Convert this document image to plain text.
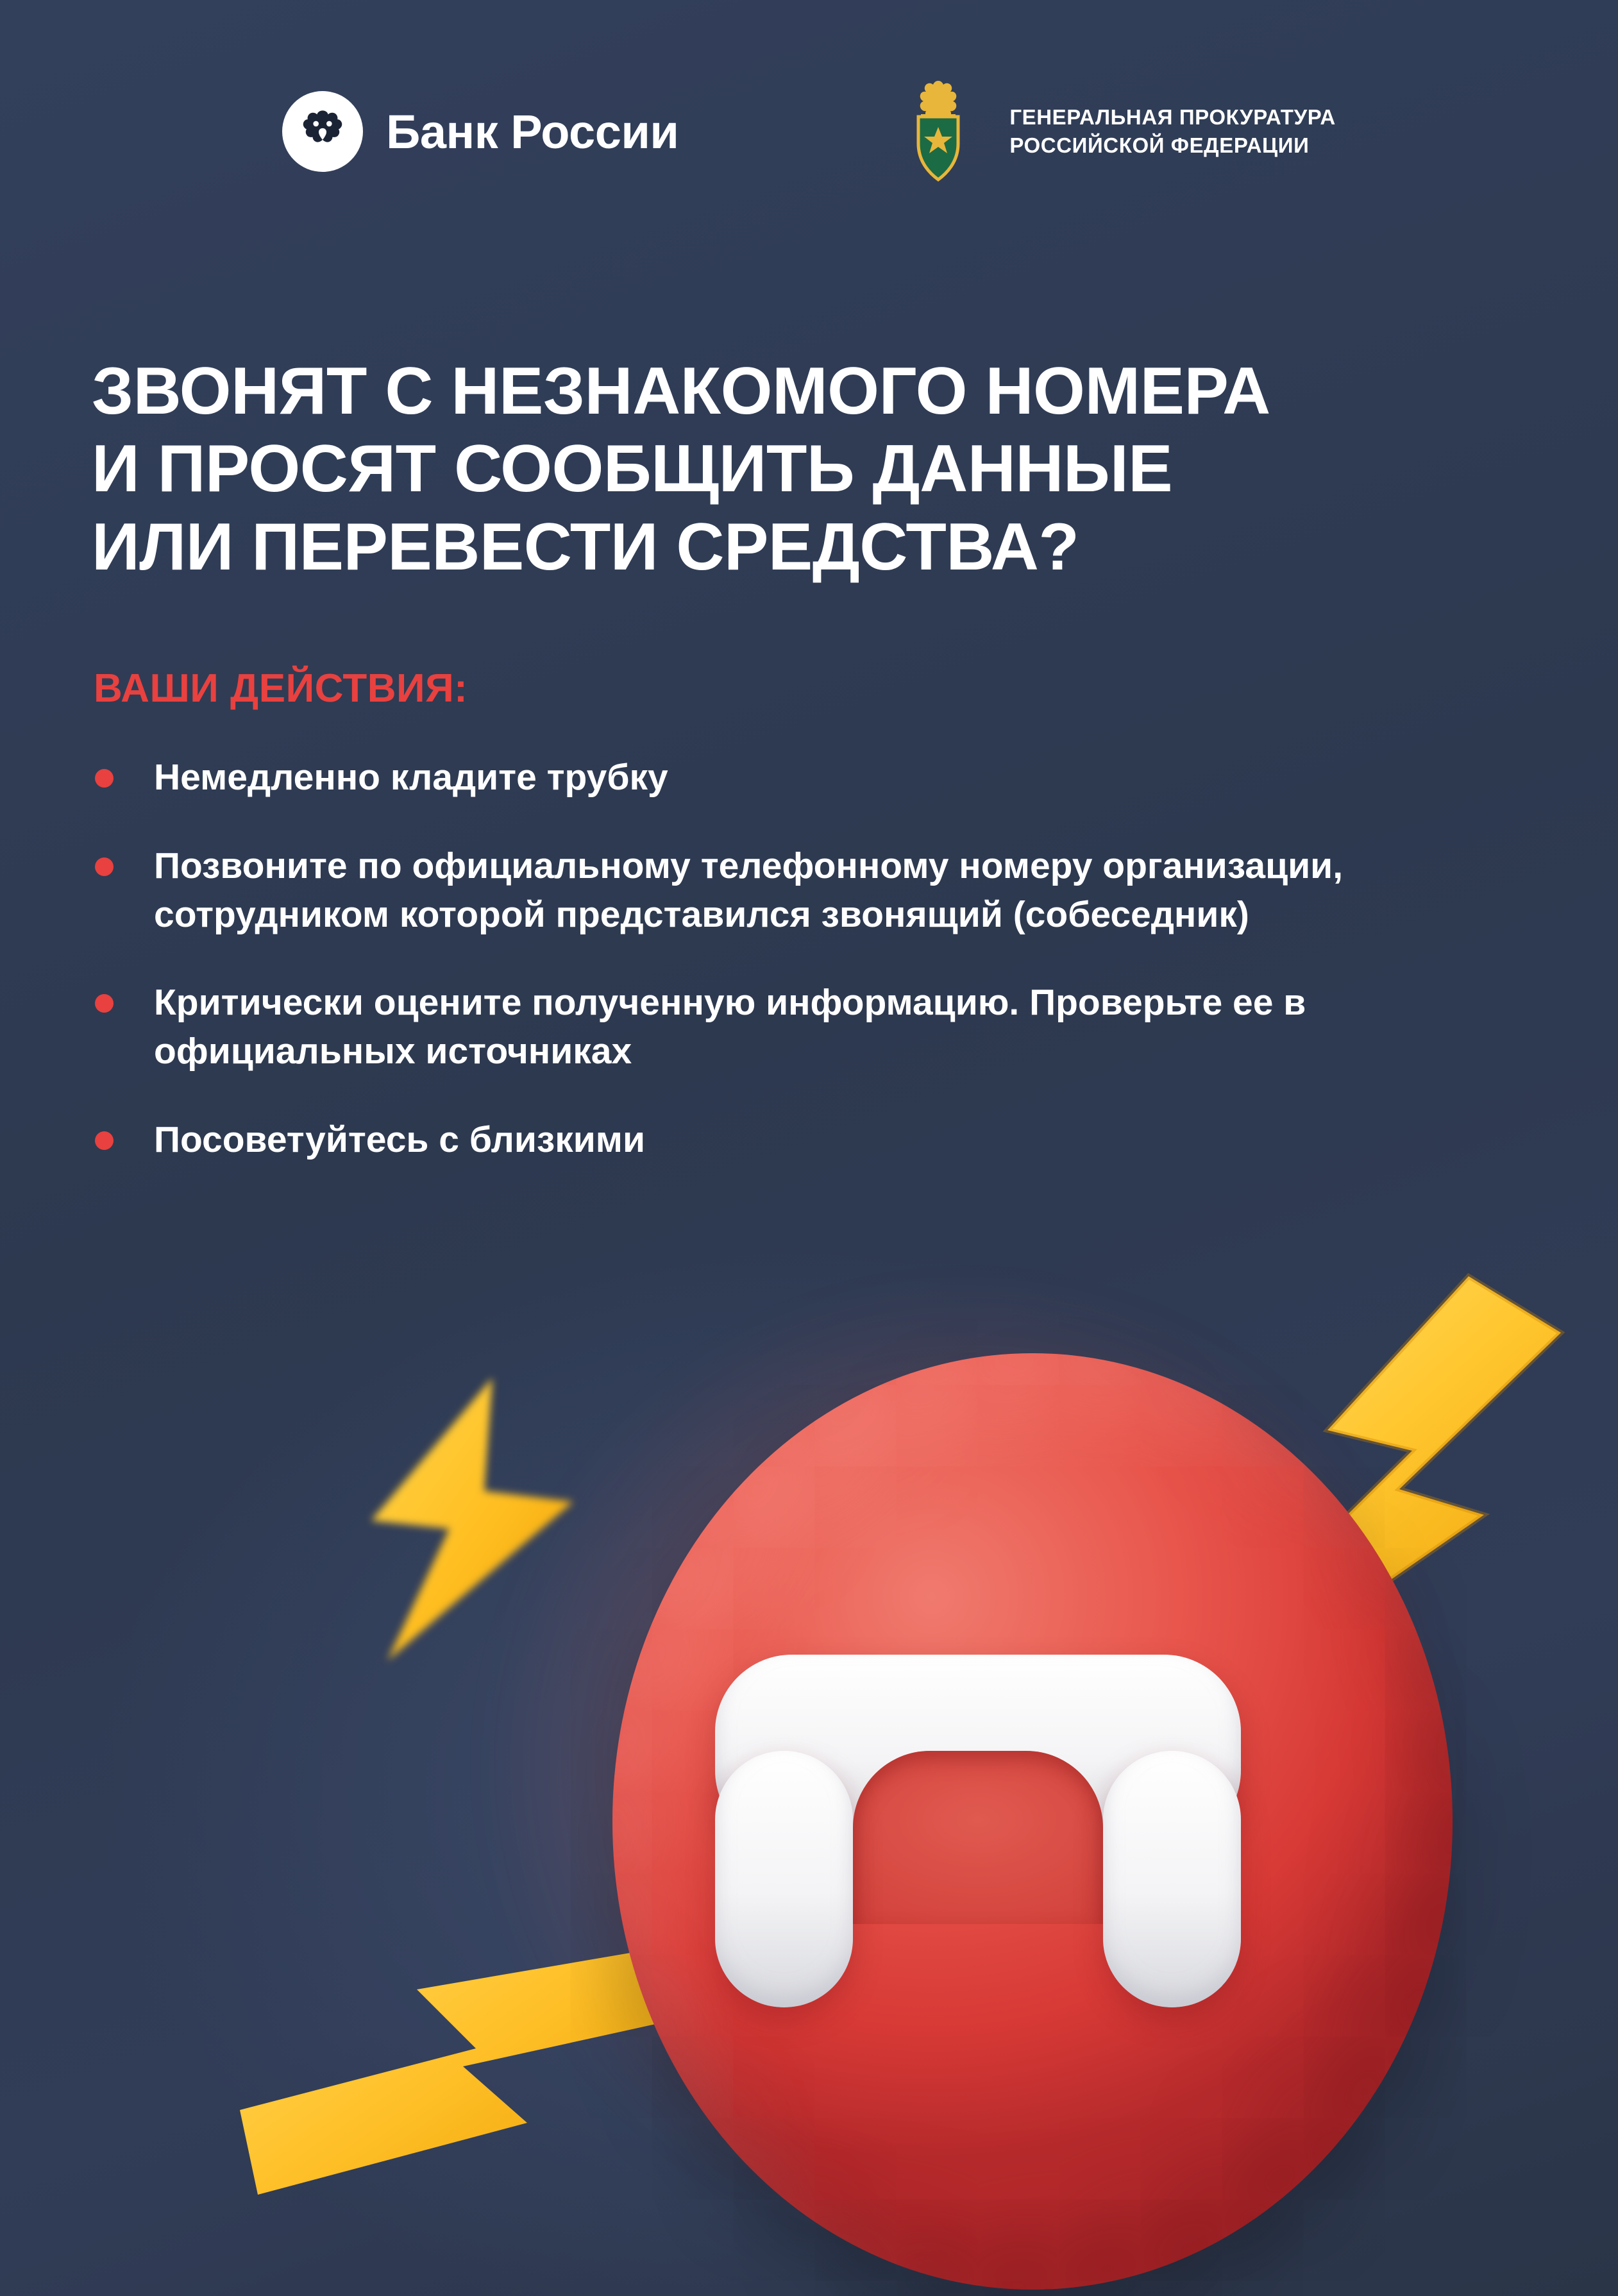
Банк России	ГЕНЕРАЛЬНАЯ ПРОКУРАТУРА
РОССИЙСКОЙ ФЕДЕРАЦИИ
ЗВОНЯТ С НЕЗНАКОМОГО НОМЕРА
И ПРОСЯТ СООБЩИТЬ ДАННЫЕ
ИЛИ ПЕРЕВЕСТИ СРЕДСТВА?
ВАШИ ДЕЙСТВИЯ:
Немедленно кладите трубку
Позвоните по официальному телефонному номеру организации, сотрудником которой представился звонящий (собеседник)
Критически оцените полученную информацию. Проверьте ее в официальных источниках
Посоветуйтесь с близкими
